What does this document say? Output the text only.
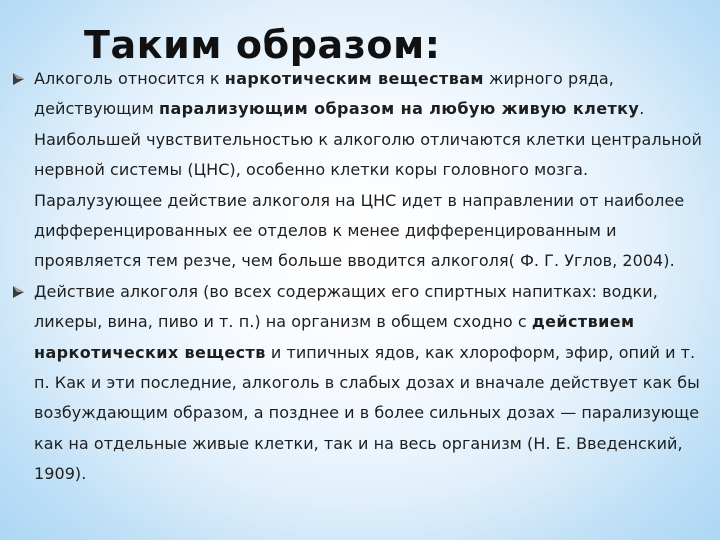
Таким образом:
Алкоголь относится к наркотическим веществам жирного ряда, действующим парализующим образом на любую живую клетку. Наибольшей чувствительностью к алкоголю отличаются клетки центральной нервной системы (ЦНС), особенно клетки коры головного мозга. Паралузующее действие алкоголя на ЦНС идет в направлении от наиболее дифференцированных ее отделов к менее дифференцированным и проявляется тем резче, чем больше вводится алкоголя( Ф. Г. Углов, 2004).
Действие алкоголя (во всех содержащих его спиртных напитках: водки, ликеры, вина, пиво и т. п.) на организм в общем сходно с действием наркотических веществ и типичных ядов, как хлороформ, эфир, опий и т. п. Как и эти последние, алкоголь в слабых дозах и вначале действует как бы возбуждающим образом, а позднее и в более сильных дозах — парализующе как на отдельные живые клетки, так и на весь организм (Н. Е. Введенский, 1909).
